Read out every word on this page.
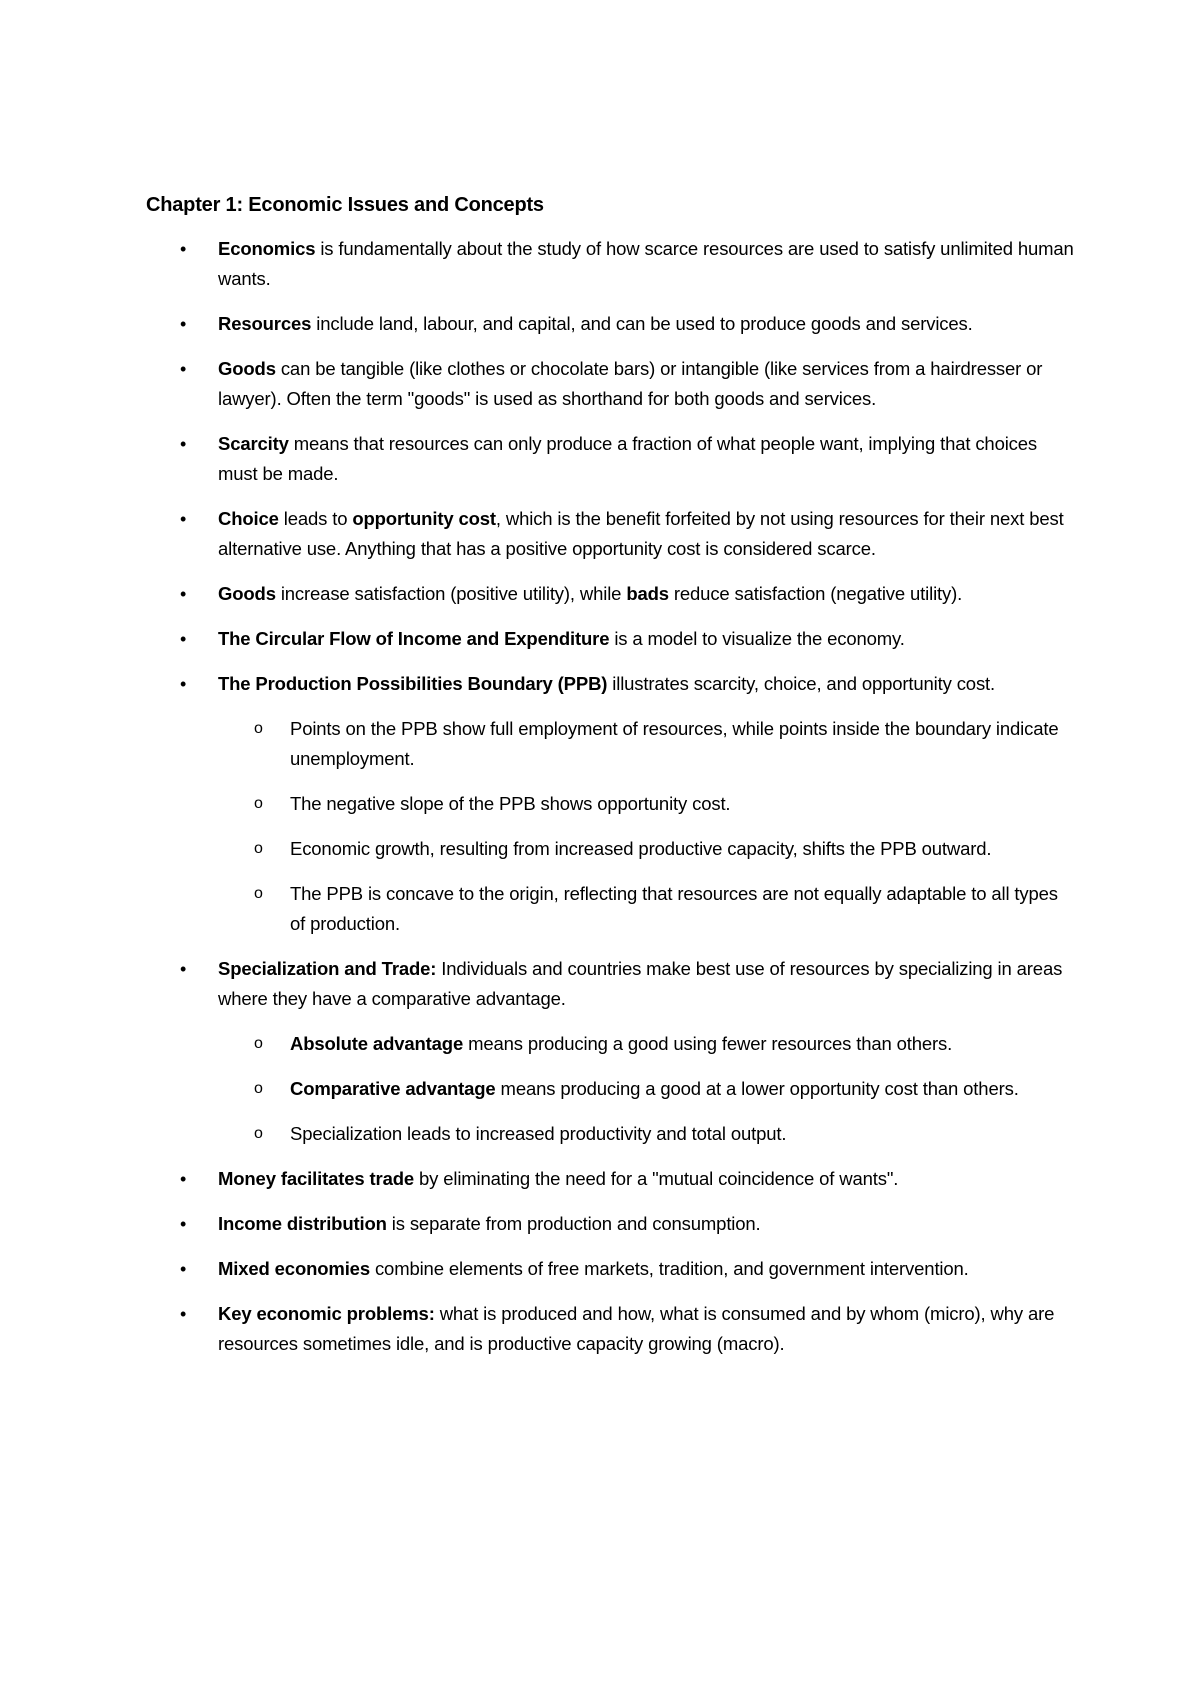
Chapter 1: Economic Issues and Concepts
• Economics is fundamentally about the study of how scarce resources are used to satisfy unlimited human wants.
• Resources include land, labour, and capital, and can be used to produce goods and services.
• Goods can be tangible (like clothes or chocolate bars) or intangible (like services from a hairdresser or lawyer). Often the term "goods" is used as shorthand for both goods and services.
• Scarcity means that resources can only produce a fraction of what people want, implying that choices must be made.
• Choice leads to opportunity cost, which is the benefit forfeited by not using resources for their next best alternative use. Anything that has a positive opportunity cost is considered scarce.
• Goods increase satisfaction (positive utility), while bads reduce satisfaction (negative utility).
• The Circular Flow of Income and Expenditure is a model to visualize the economy.
• The Production Possibilities Boundary (PPB) illustrates scarcity, choice, and opportunity cost.
o Points on the PPB show full employment of resources, while points inside the boundary indicate unemployment.
o The negative slope of the PPB shows opportunity cost.
o Economic growth, resulting from increased productive capacity, shifts the PPB outward.
o The PPB is concave to the origin, reflecting that resources are not equally adaptable to all types of production.
• Specialization and Trade: Individuals and countries make best use of resources by specializing in areas where they have a comparative advantage.
o Absolute advantage means producing a good using fewer resources than others.
o Comparative advantage means producing a good at a lower opportunity cost than others.
o Specialization leads to increased productivity and total output.
• Money facilitates trade by eliminating the need for a "mutual coincidence of wants".
• Income distribution is separate from production and consumption.
• Mixed economies combine elements of free markets, tradition, and government intervention.
• Key economic problems: what is produced and how, what is consumed and by whom (micro), why are resources sometimes idle, and is productive capacity growing (macro).
